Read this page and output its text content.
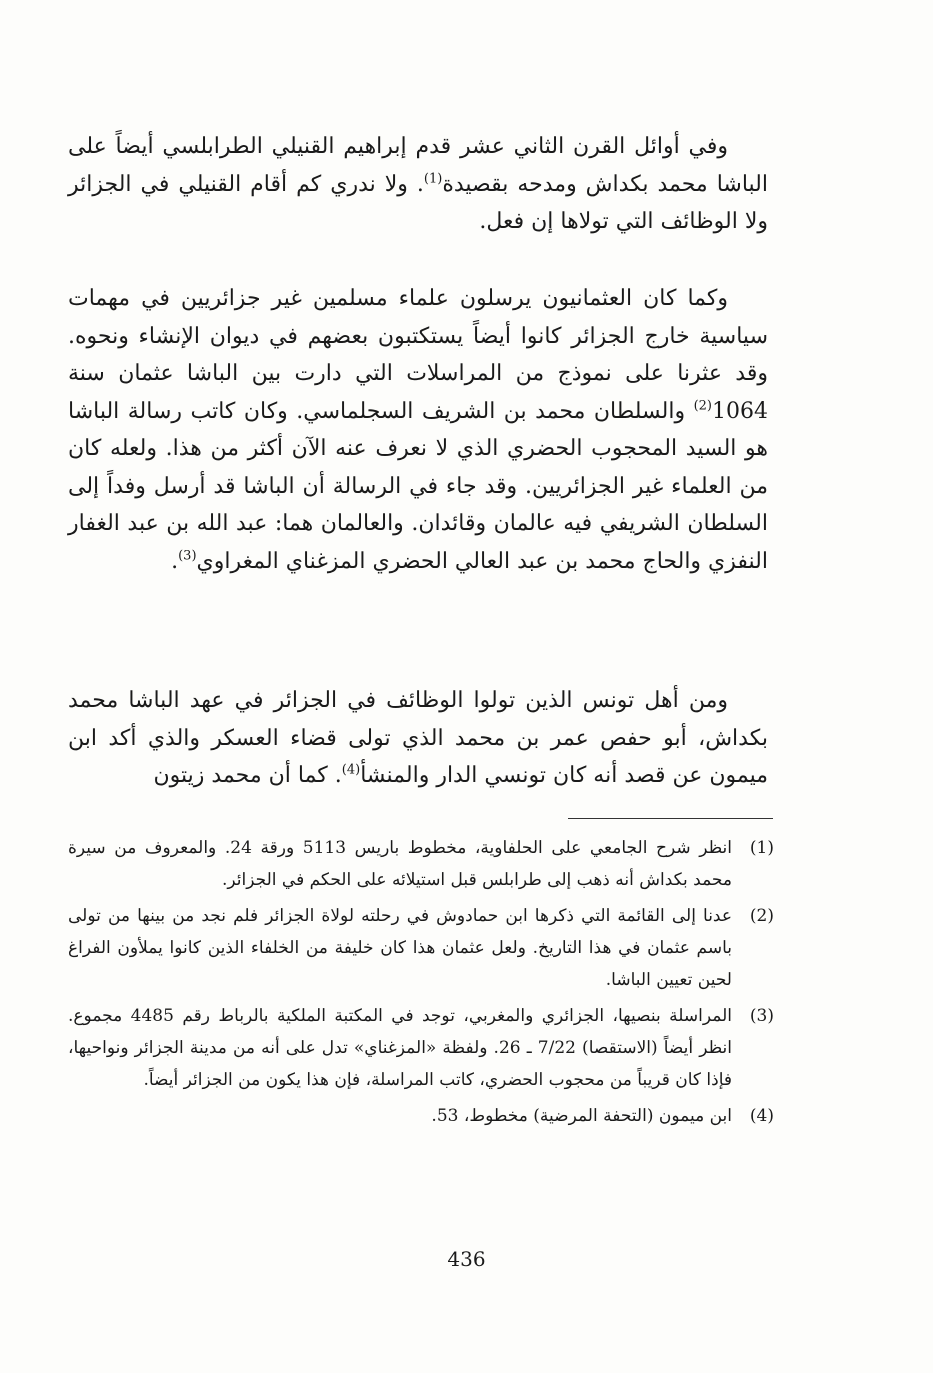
وفي أوائل القرن الثاني عشر قدم إبراهيم القنيلي الطرابلسي أيضاً على الباشا محمد بكداش ومدحه بقصيدة$^{(1)}$. ولا ندري كم أقام القنيلي في الجزائر ولا الوظائف التي تولاها إن فعل.

وكما كان العثمانيون يرسلون علماء مسلمين غير جزائريين في مهمات سياسية خارج الجزائر كانوا أيضاً يستكتبون بعضهم في ديوان الإنشاء ونحوه. وقد عثرنا على نموذج من المراسلات التي دارت بين الباشا عثمان سنة 1064$^{(2)}$ والسلطان محمد بن الشريف السجلماسي. وكان كاتب رسالة الباشا هو السيد المحجوب الحضري الذي لا نعرف عنه الآن أكثر من هذا. ولعله كان من العلماء غير الجزائريين. وقد جاء في الرسالة أن الباشا قد أرسل وفداً إلى السلطان الشريفي فيه عالمان وقائدان. والعالمان هما: عبد الله بن عبد الغفار النفزي والحاج محمد بن عبد العالي الحضري المزغناي المغراوي$^{(3)}$.

ومن أهل تونس الذين تولوا الوظائف في الجزائر في عهد الباشا محمد بكداش، أبو حفص عمر بن محمد الذي تولى قضاء العسكر والذي أكد ابن ميمون عن قصد أنه كان تونسي الدار والمنشأ$^{(4)}$. كما أن محمد زيتون

(1)
انظر شرح الجامعي على الحلفاوية، مخطوط باريس 5113 ورقة 24. والمعروف من سيرة محمد بكداش أنه ذهب إلى طرابلس قبل استيلائه على الحكم في الجزائر.
(2)
عدنا إلى القائمة التي ذكرها ابن حمادوش في رحلته لولاة الجزائر فلم نجد من بينها من تولى باسم عثمان في هذا التاريخ. ولعل عثمان هذا كان خليفة من الخلفاء الذين كانوا يملأون الفراغ لحين تعيين الباشا.
(3)
المراسلة بنصيها، الجزائري والمغربي، توجد في المكتبة الملكية بالرباط رقم 4485 مجموع. انظر أيضاً (الاستقصا) 7/22 ـ 26. ولفظة «المزغناي» تدل على أنه من مدينة الجزائر ونواحيها، فإذا كان قريباً من محجوب الحضري، كاتب المراسلة، فإن هذا يكون من الجزائر أيضاً.
(4)
ابن ميمون (التحفة المرضية) مخطوط، 53.
436
